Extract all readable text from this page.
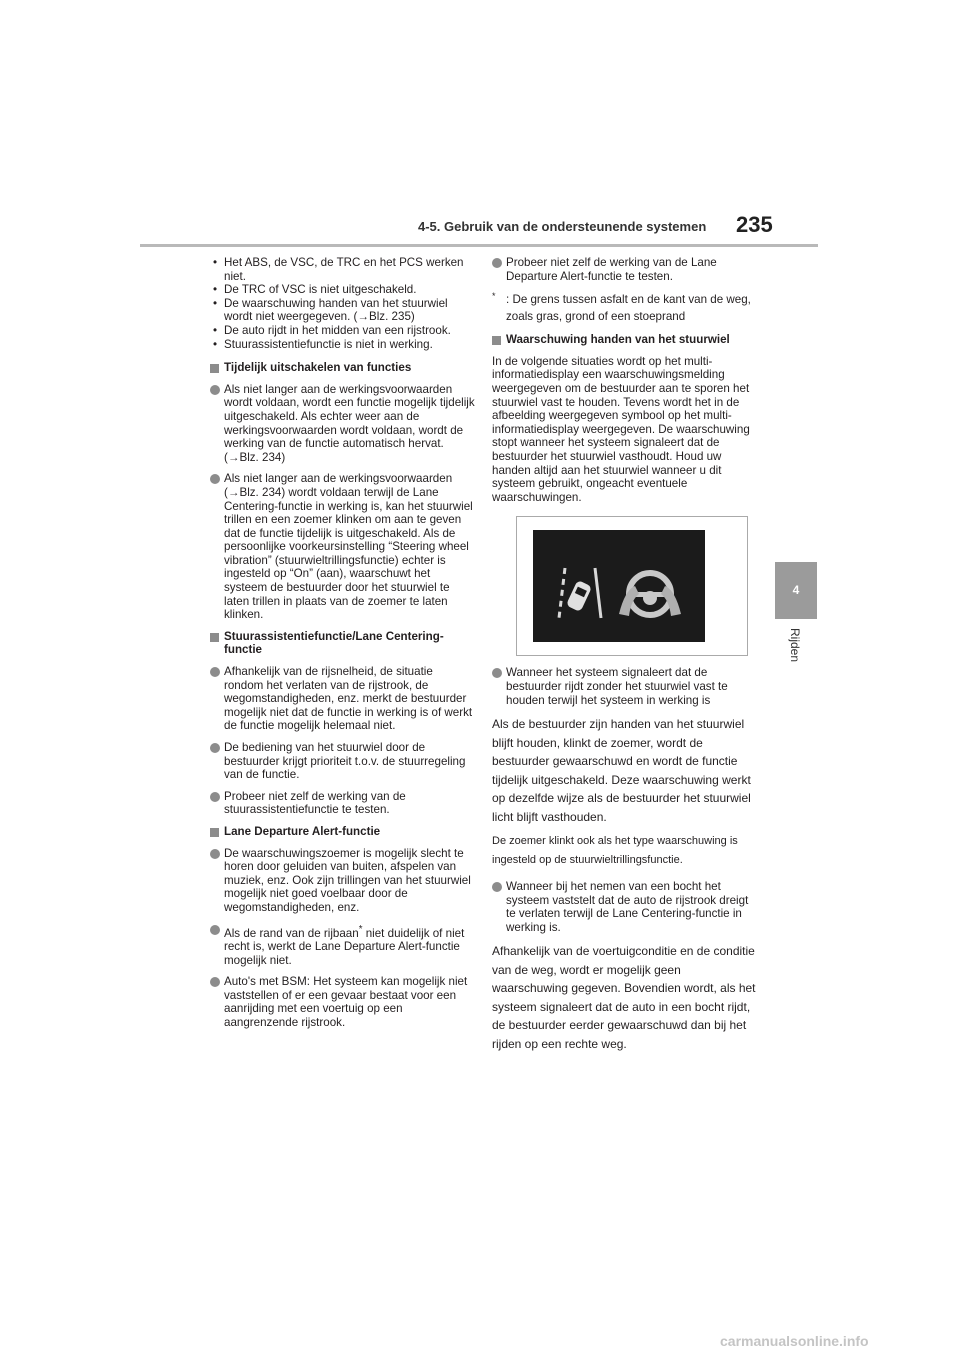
4-5. Gebruik van de ondersteunende systemen 235
4
Rijden
• Het ABS, de VSC, de TRC en het PCS werken niet.
• De TRC of VSC is niet uitgeschakeld.
• De waarschuwing handen van het stuurwiel wordt niet weergegeven. (→Blz. 235)
• De auto rijdt in het midden van een rijstrook.
• Stuurassistentiefunctie is niet in werking.
Tijdelijk uitschakelen van functies
Als niet langer aan de werkingsvoorwaarden wordt voldaan, wordt een functie mogelijk tijdelijk uitgeschakeld. Als echter weer aan de werkingsvoorwaarden wordt voldaan, wordt de werking van de functie automatisch hervat. (→Blz. 234)
Als niet langer aan de werkingsvoorwaarden (→Blz. 234) wordt voldaan terwijl de Lane Centering-functie in werking is, kan het stuurwiel trillen en een zoemer klinken om aan te geven dat de functie tijdelijk is uitgeschakeld. Als de persoonlijke voorkeursinstelling “Steering wheel vibration” (stuurwieltrillingsfunctie) echter is ingesteld op “On” (aan), waarschuwt het systeem de bestuurder door het stuurwiel te laten trillen in plaats van de zoemer te laten klinken.
Stuurassistentiefunctie/Lane Centering-functie
Afhankelijk van de rijsnelheid, de situatie rondom het verlaten van de rijstrook, de wegomstandigheden, enz. merkt de bestuurder mogelijk niet dat de functie in werking is of werkt de functie mogelijk helemaal niet.
De bediening van het stuurwiel door de bestuurder krijgt prioriteit t.o.v. de stuurregeling van de functie.
Probeer niet zelf de werking van de stuurassistentiefunctie te testen.
Lane Departure Alert-functie
De waarschuwingszoemer is mogelijk slecht te horen door geluiden van buiten, afspelen van muziek, enz. Ook zijn trillingen van het stuurwiel mogelijk niet goed voelbaar door de wegomstandigheden, enz.
Als de rand van de rijbaan* niet duidelijk of niet recht is, werkt de Lane Departure Alert-functie mogelijk niet.
Auto's met BSM: Het systeem kan mogelijk niet vaststellen of er een gevaar bestaat voor een aanrijding met een voertuig op een aangrenzende rijstrook.
Probeer niet zelf de werking van de Lane Departure Alert-functie te testen.
* : De grens tussen asfalt en de kant van de weg, zoals gras, grond of een stoeprand
Waarschuwing handen van het stuurwiel
In de volgende situaties wordt op het multi-informatiedisplay een waarschuwingsmelding weergegeven om de bestuurder aan te sporen het stuurwiel vast te houden. Tevens wordt het in de afbeelding weergegeven symbool op het multi-informatiedisplay weergegeven. De waarschuwing stopt wanneer het systeem signaleert dat de bestuurder het stuurwiel vasthoudt. Houd uw handen altijd aan het stuurwiel wanneer u dit systeem gebruikt, ongeacht eventuele waarschuwingen.
Wanneer het systeem signaleert dat de bestuurder rijdt zonder het stuurwiel vast te houden terwijl het systeem in werking is
Als de bestuurder zijn handen van het stuurwiel blijft houden, klinkt de zoemer, wordt de bestuurder gewaarschuwd en wordt de functie tijdelijk uitgeschakeld. Deze waarschuwing werkt op dezelfde wijze als de bestuurder het stuurwiel licht blijft vasthouden.
De zoemer klinkt ook als het type waarschuwing is ingesteld op de stuurwieltrillingsfunctie.
Wanneer bij het nemen van een bocht het systeem vaststelt dat de auto de rijstrook dreigt te verlaten terwijl de Lane Centering-functie in werking is.
Afhankelijk van de voertuigconditie en de conditie van de weg, wordt er mogelijk geen waarschuwing gegeven. Bovendien wordt, als het systeem signaleert dat de auto in een bocht rijdt, de bestuurder eerder gewaarschuwd dan bij het rijden op een rechte weg.
carmanualsonline.info
